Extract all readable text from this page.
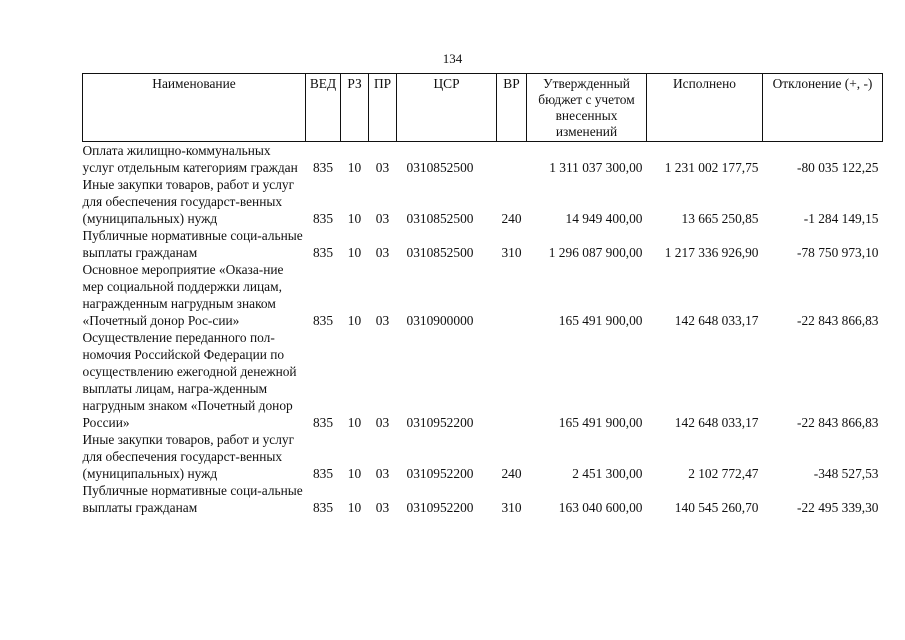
134
Наименование	ВЕД	РЗ	ПР	ЦСР	ВР	Утвержденный бюджет с учетом внесенных изменений	Исполнено	Отклонение (+, -)
Оплата жилищно-коммунальных услуг отдельным категориям граждан	835	10	03	0310852500		1 311 037 300,00	1 231 002 177,75	-80 035 122,25
Иные закупки товаров, работ и услуг для обеспечения государст-венных (муниципальных) нужд	835	10	03	0310852500	240	14 949 400,00	13 665 250,85	-1 284 149,15
Публичные нормативные соци-альные выплаты гражданам	835	10	03	0310852500	310	1 296 087 900,00	1 217 336 926,90	-78 750 973,10
Основное мероприятие «Оказа-ние мер социальной поддержки лицам, награжденным нагрудным знаком «Почетный донор Рос-сии»	835	10	03	0310900000		165 491 900,00	142 648 033,17	-22 843 866,83
Осуществление переданного пол-номочия Российской Федерации по осуществлению ежегодной денежной выплаты лицам, награ-жденным нагрудным знаком «Почетный донор России»	835	10	03	0310952200		165 491 900,00	142 648 033,17	-22 843 866,83
Иные закупки товаров, работ и услуг для обеспечения государст-венных (муниципальных) нужд	835	10	03	0310952200	240	2 451 300,00	2 102 772,47	-348 527,53
Публичные нормативные соци-альные выплаты гражданам	835	10	03	0310952200	310	163 040 600,00	140 545 260,70	-22 495 339,30
